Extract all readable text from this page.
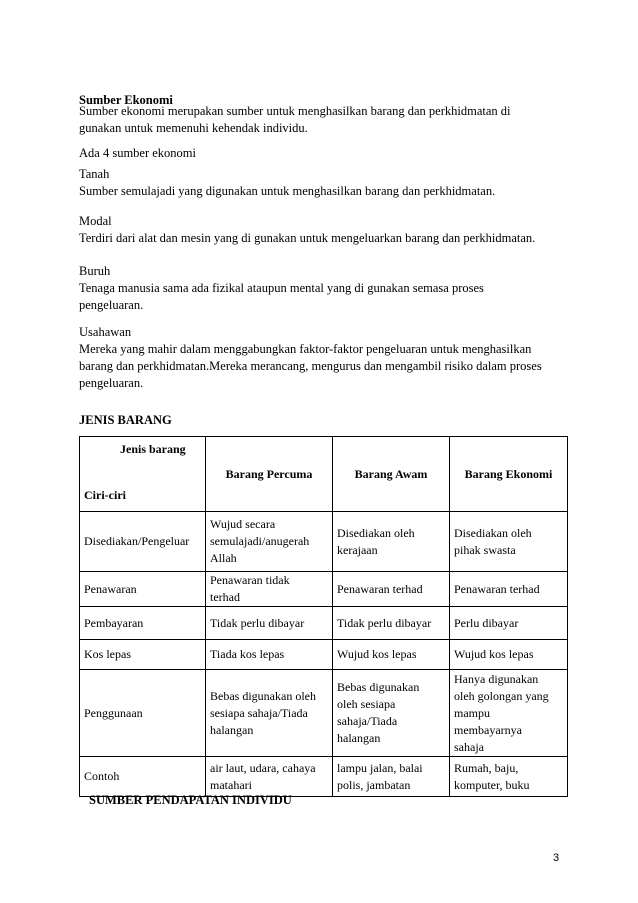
Sumber Ekonomi

Sumber ekonomi merupakan sumber untuk menghasilkan barang dan perkhidmatan di
gunakan untuk memenuhi kehendak individu.

Ada 4 sumber ekonomi

Tanah
Sumber semulajadi yang digunakan untuk menghasilkan barang dan perkhidmatan.

Modal
Terdiri dari alat dan mesin yang di gunakan untuk mengeluarkan barang dan perkhidmatan.

Buruh
Tenaga manusia sama ada fizikal ataupun mental yang di gunakan semasa proses
pengeluaran.

Usahawan
Mereka yang mahir dalam menggabungkan faktor-faktor pengeluaran untuk menghasilkan
barang dan perkhidmatan.Mereka merancang, mengurus dan mengambil risiko dalam proses
pengeluaran.

JENIS BARANG

Jenis barang
Ciri-ciri	Barang Percuma	Barang Awam	Barang Ekonomi
Disediakan/Pengeluar	Wujud secara
semulajadi/anugerah
Allah	Disediakan oleh
kerajaan	Disediakan oleh
pihak swasta

Penawaran	Penawaran tidak
terhad	Penawaran terhad	Penawaran terhad

Pembayaran	Tidak perlu dibayar	Tidak perlu dibayar	Perlu dibayar

Kos lepas	Tiada kos lepas	Wujud kos lepas	Wujud kos lepas

Penggunaan	Bebas digunakan oleh
sesiapa sahaja/Tiada
halangan	Bebas digunakan
oleh sesiapa
sahaja/Tiada
halangan	Hanya digunakan
oleh golongan yang
mampu
membayarnya
sahaja

Contoh	air laut, udara, cahaya
matahari	lampu jalan, balai
polis, jambatan	Rumah, baju,
komputer, buku

SUMBER PENDAPATAN INDIVIDU

3
